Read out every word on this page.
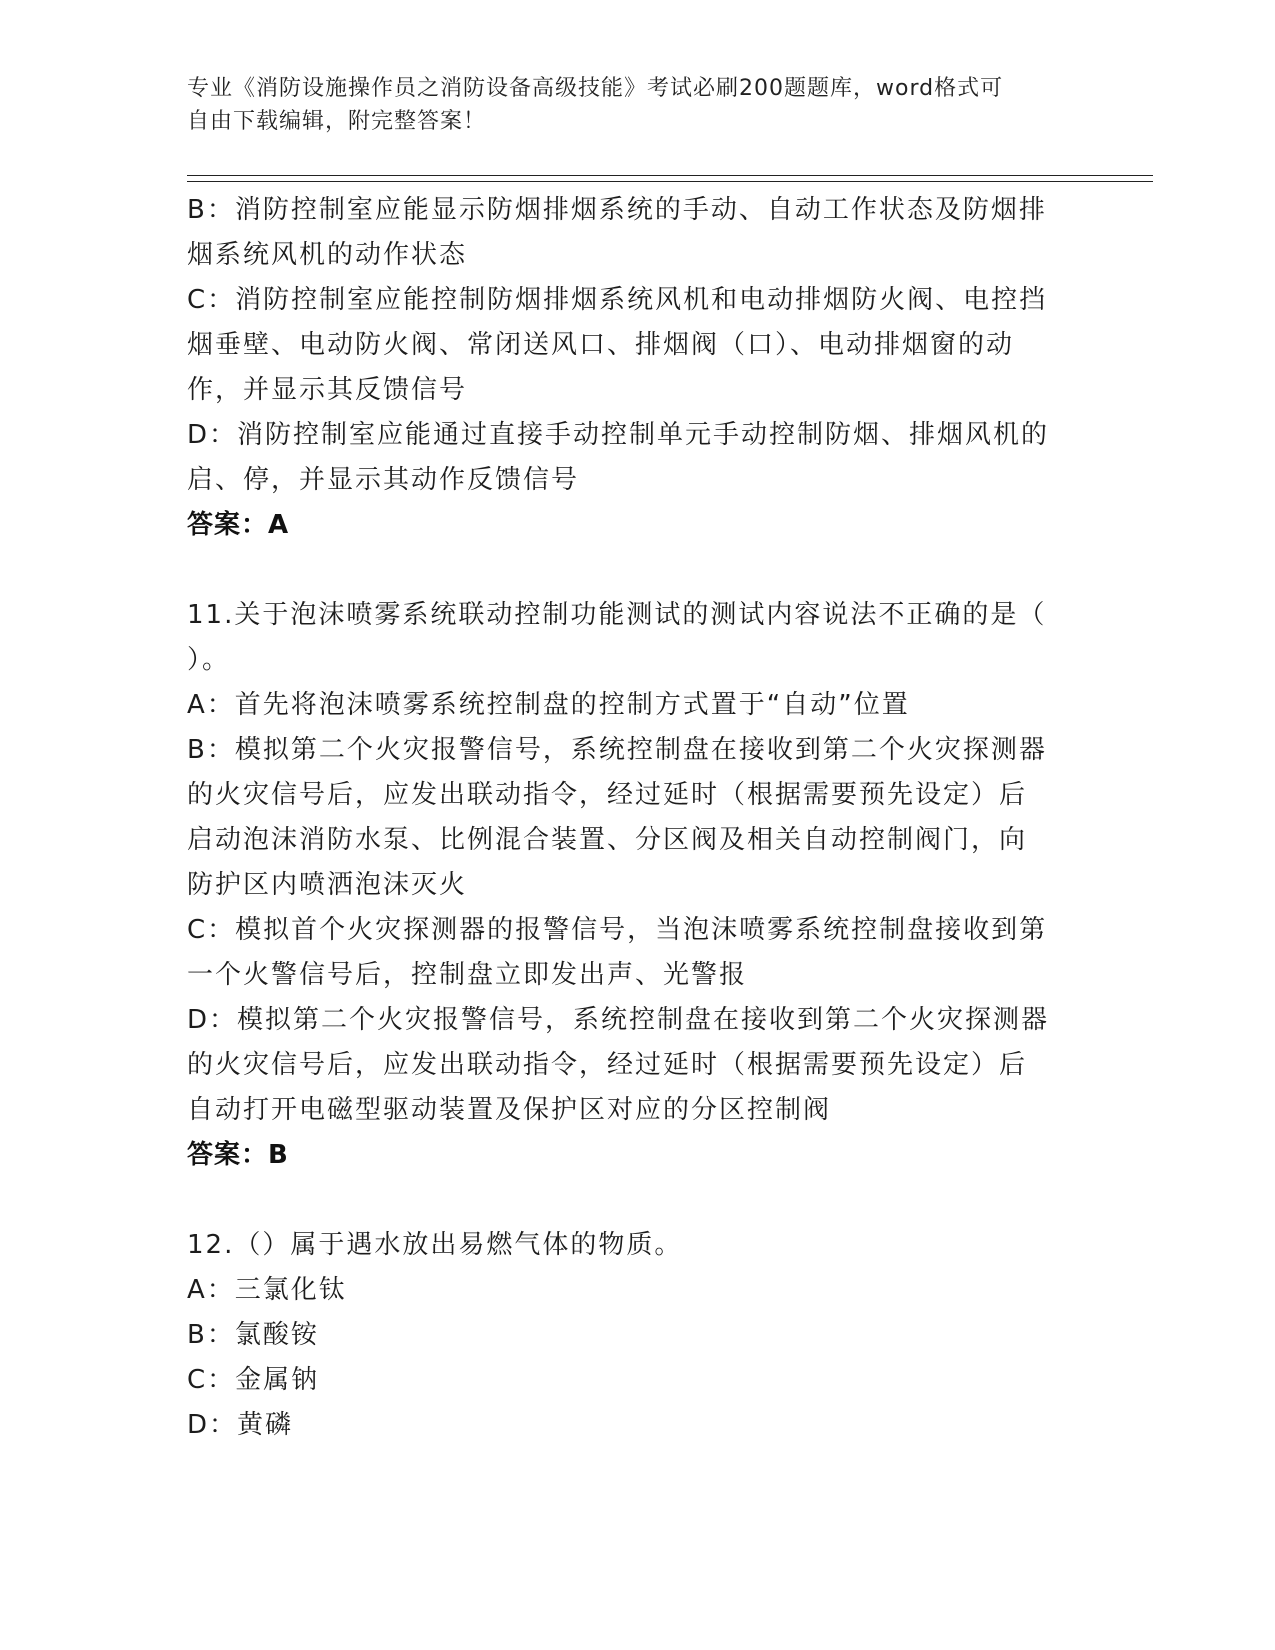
专业《消防设施操作员之消防设备高级技能》考试必刷200题题库，word格式可
自由下载编辑，附完整答案！
B：消防控制室应能显示防烟排烟系统的手动、自动工作状态及防烟排
烟系统风机的动作状态
C：消防控制室应能控制防烟排烟系统风机和电动排烟防火阀、电控挡
烟垂壁、电动防火阀、常闭送风口、排烟阀（口）、电动排烟窗的动
作，并显示其反馈信号
D：消防控制室应能通过直接手动控制单元手动控制防烟、排烟风机的
启、停，并显示其动作反馈信号
答案：A
11.关于泡沫喷雾系统联动控制功能测试的测试内容说法不正确的是（
）。
A：首先将泡沫喷雾系统控制盘的控制方式置于“自动”位置
B：模拟第二个火灾报警信号，系统控制盘在接收到第二个火灾探测器
的火灾信号后，应发出联动指令，经过延时（根据需要预先设定）后
启动泡沫消防水泵、比例混合装置、分区阀及相关自动控制阀门，向
防护区内喷洒泡沫灭火
C：模拟首个火灾探测器的报警信号，当泡沫喷雾系统控制盘接收到第
一个火警信号后，控制盘立即发出声、光警报
D：模拟第二个火灾报警信号，系统控制盘在接收到第二个火灾探测器
的火灾信号后，应发出联动指令，经过延时（根据需要预先设定）后
自动打开电磁型驱动装置及保护区对应的分区控制阀
答案：B
12.（）属于遇水放出易燃气体的物质。
A：三氯化钛
B：氯酸铵
C：金属钠
D：黄磷
